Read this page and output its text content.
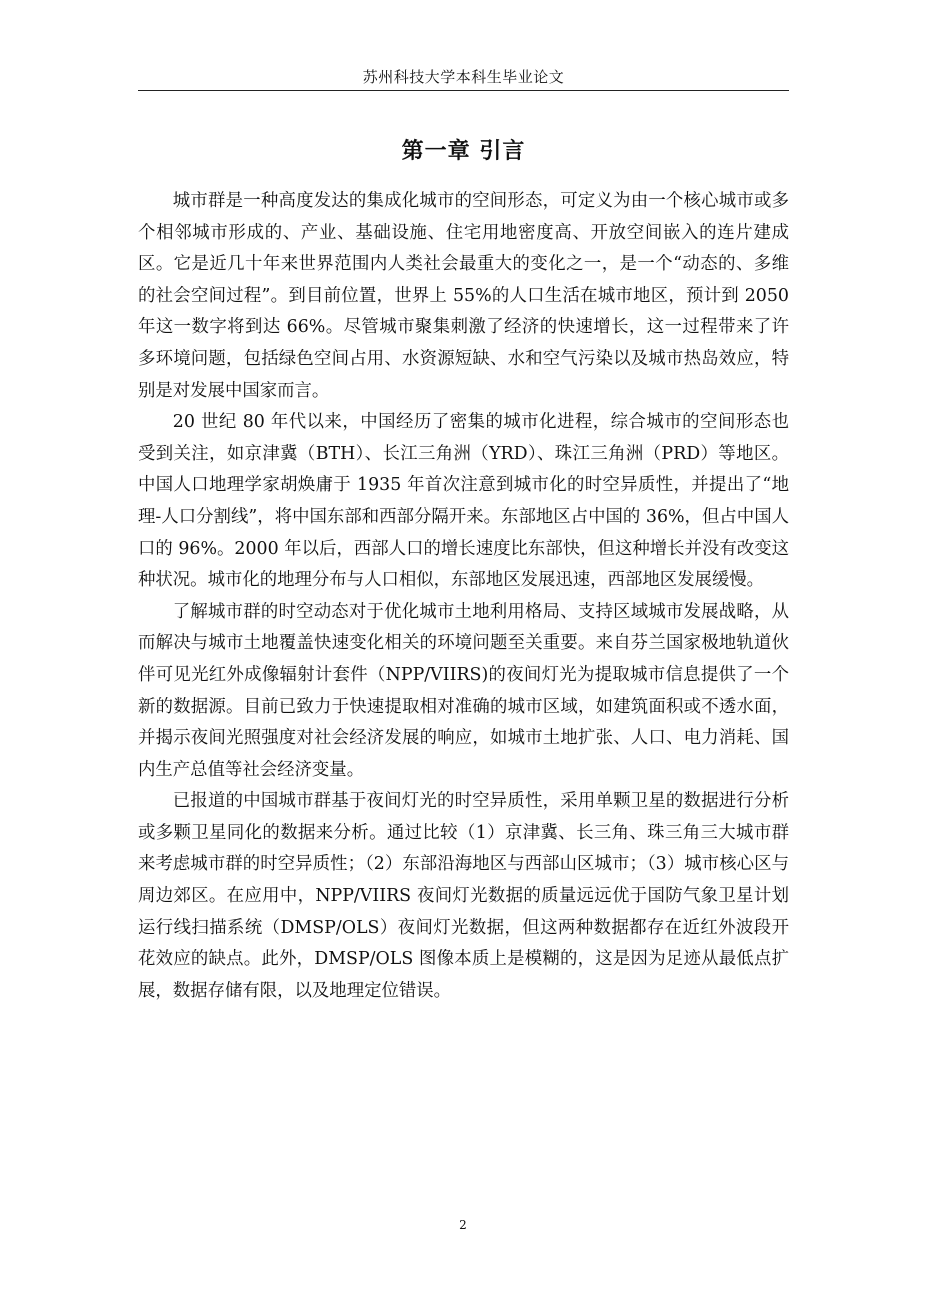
苏州科技大学本科生毕业论文
第一章 引言

城市群是一种高度发达的集成化城市的空间形态，可定义为由一个核心城市或多个相邻城市形成的、产业、基础设施、住宅用地密度高、开放空间嵌入的连片建成区。它是近几十年来世界范围内人类社会最重大的变化之一，是一个“动态的、多维的社会空间过程”。到目前位置，世界上 55%的人口生活在城市地区，预计到 2050 年这一数字将到达 66%。尽管城市聚集刺激了经济的快速增长，这一过程带来了许多环境问题，包括绿色空间占用、水资源短缺、水和空气污染以及城市热岛效应，特别是对发展中国家而言。

20 世纪 80 年代以来，中国经历了密集的城市化进程，综合城市的空间形态也受到关注，如京津冀（BTH）、长江三角洲（YRD）、珠江三角洲（PRD）等地区。中国人口地理学家胡焕庸于 1935 年首次注意到城市化的时空异质性，并提出了“地理-人口分割线”，将中国东部和西部分隔开来。东部地区占中国的 36%，但占中国人口的 96%。2000 年以后，西部人口的增长速度比东部快，但这种增长并没有改变这种状况。城市化的地理分布与人口相似，东部地区发展迅速，西部地区发展缓慢。

了解城市群的时空动态对于优化城市土地利用格局、支持区域城市发展战略，从而解决与城市土地覆盖快速变化相关的环境问题至关重要。来自芬兰国家极地轨道伙伴可见光红外成像辐射计套件（NPP/VIIRS)的夜间灯光为提取城市信息提供了一个新的数据源。目前已致力于快速提取相对准确的城市区域，如建筑面积或不透水面，并揭示夜间光照强度对社会经济发展的响应，如城市土地扩张、人口、电力消耗、国内生产总值等社会经济变量。

已报道的中国城市群基于夜间灯光的时空异质性，采用单颗卫星的数据进行分析或多颗卫星同化的数据来分析。通过比较（1）京津冀、长三角、珠三角三大城市群来考虑城市群的时空异质性；（2）东部沿海地区与西部山区城市；（3）城市核心区与周边郊区。在应用中，NPP/VIIRS 夜间灯光数据的质量远远优于国防气象卫星计划运行线扫描系统（DMSP/OLS）夜间灯光数据，但这两种数据都存在近红外波段开花效应的缺点。此外，DMSP/OLS 图像本质上是模糊的，这是因为足迹从最低点扩展，数据存储有限，以及地理定位错误。

2
